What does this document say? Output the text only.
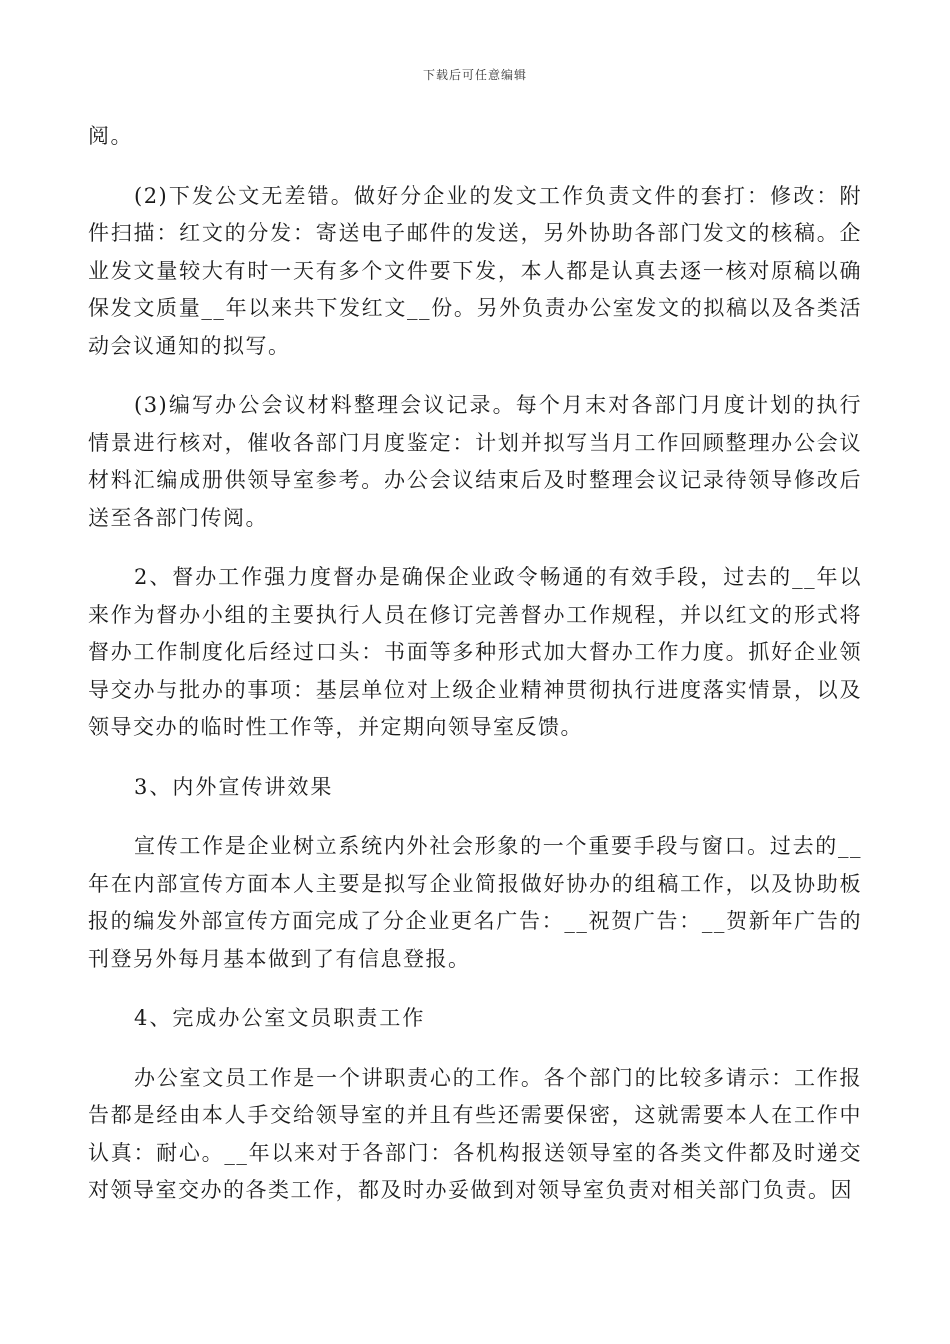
下载后可任意编辑

阅。

(2)下发公文无差错。做好分企业的发文工作负责文件的套打：修改：附件扫描：红文的分发：寄送电子邮件的发送，另外协助各部门发文的核稿。企业发文量较大有时一天有多个文件要下发，本人都是认真去逐一核对原稿以确保发文质量__年以来共下发红文__份。另外负责办公室发文的拟稿以及各类活动会议通知的拟写。

(3)编写办公会议材料整理会议记录。每个月末对各部门月度计划的执行情景进行核对，催收各部门月度鉴定：计划并拟写当月工作回顾整理办公会议材料汇编成册供领导室参考。办公会议结束后及时整理会议记录待领导修改后送至各部门传阅。

2、督办工作强力度督办是确保企业政令畅通的有效手段，过去的__年以来作为督办小组的主要执行人员在修订完善督办工作规程，并以红文的形式将督办工作制度化后经过口头：书面等多种形式加大督办工作力度。抓好企业领导交办与批办的事项：基层单位对上级企业精神贯彻执行进度落实情景，以及领导交办的临时性工作等，并定期向领导室反馈。

3、内外宣传讲效果

宣传工作是企业树立系统内外社会形象的一个重要手段与窗口。过去的__年在内部宣传方面本人主要是拟写企业简报做好协办的组稿工作，以及协助板报的编发外部宣传方面完成了分企业更名广告：__祝贺广告：__贺新年广告的刊登另外每月基本做到了有信息登报。

4、完成办公室文员职责工作

办公室文员工作是一个讲职责心的工作。各个部门的比较多请示：工作报告都是经由本人手交给领导室的并且有些还需要保密，这就需要本人在工作中认真：耐心。__年以来对于各部门：各机构报送领导室的各类文件都及时递交对领导室交办的各类工作，都及时办妥做到对领导室负责对相关部门负责。因
